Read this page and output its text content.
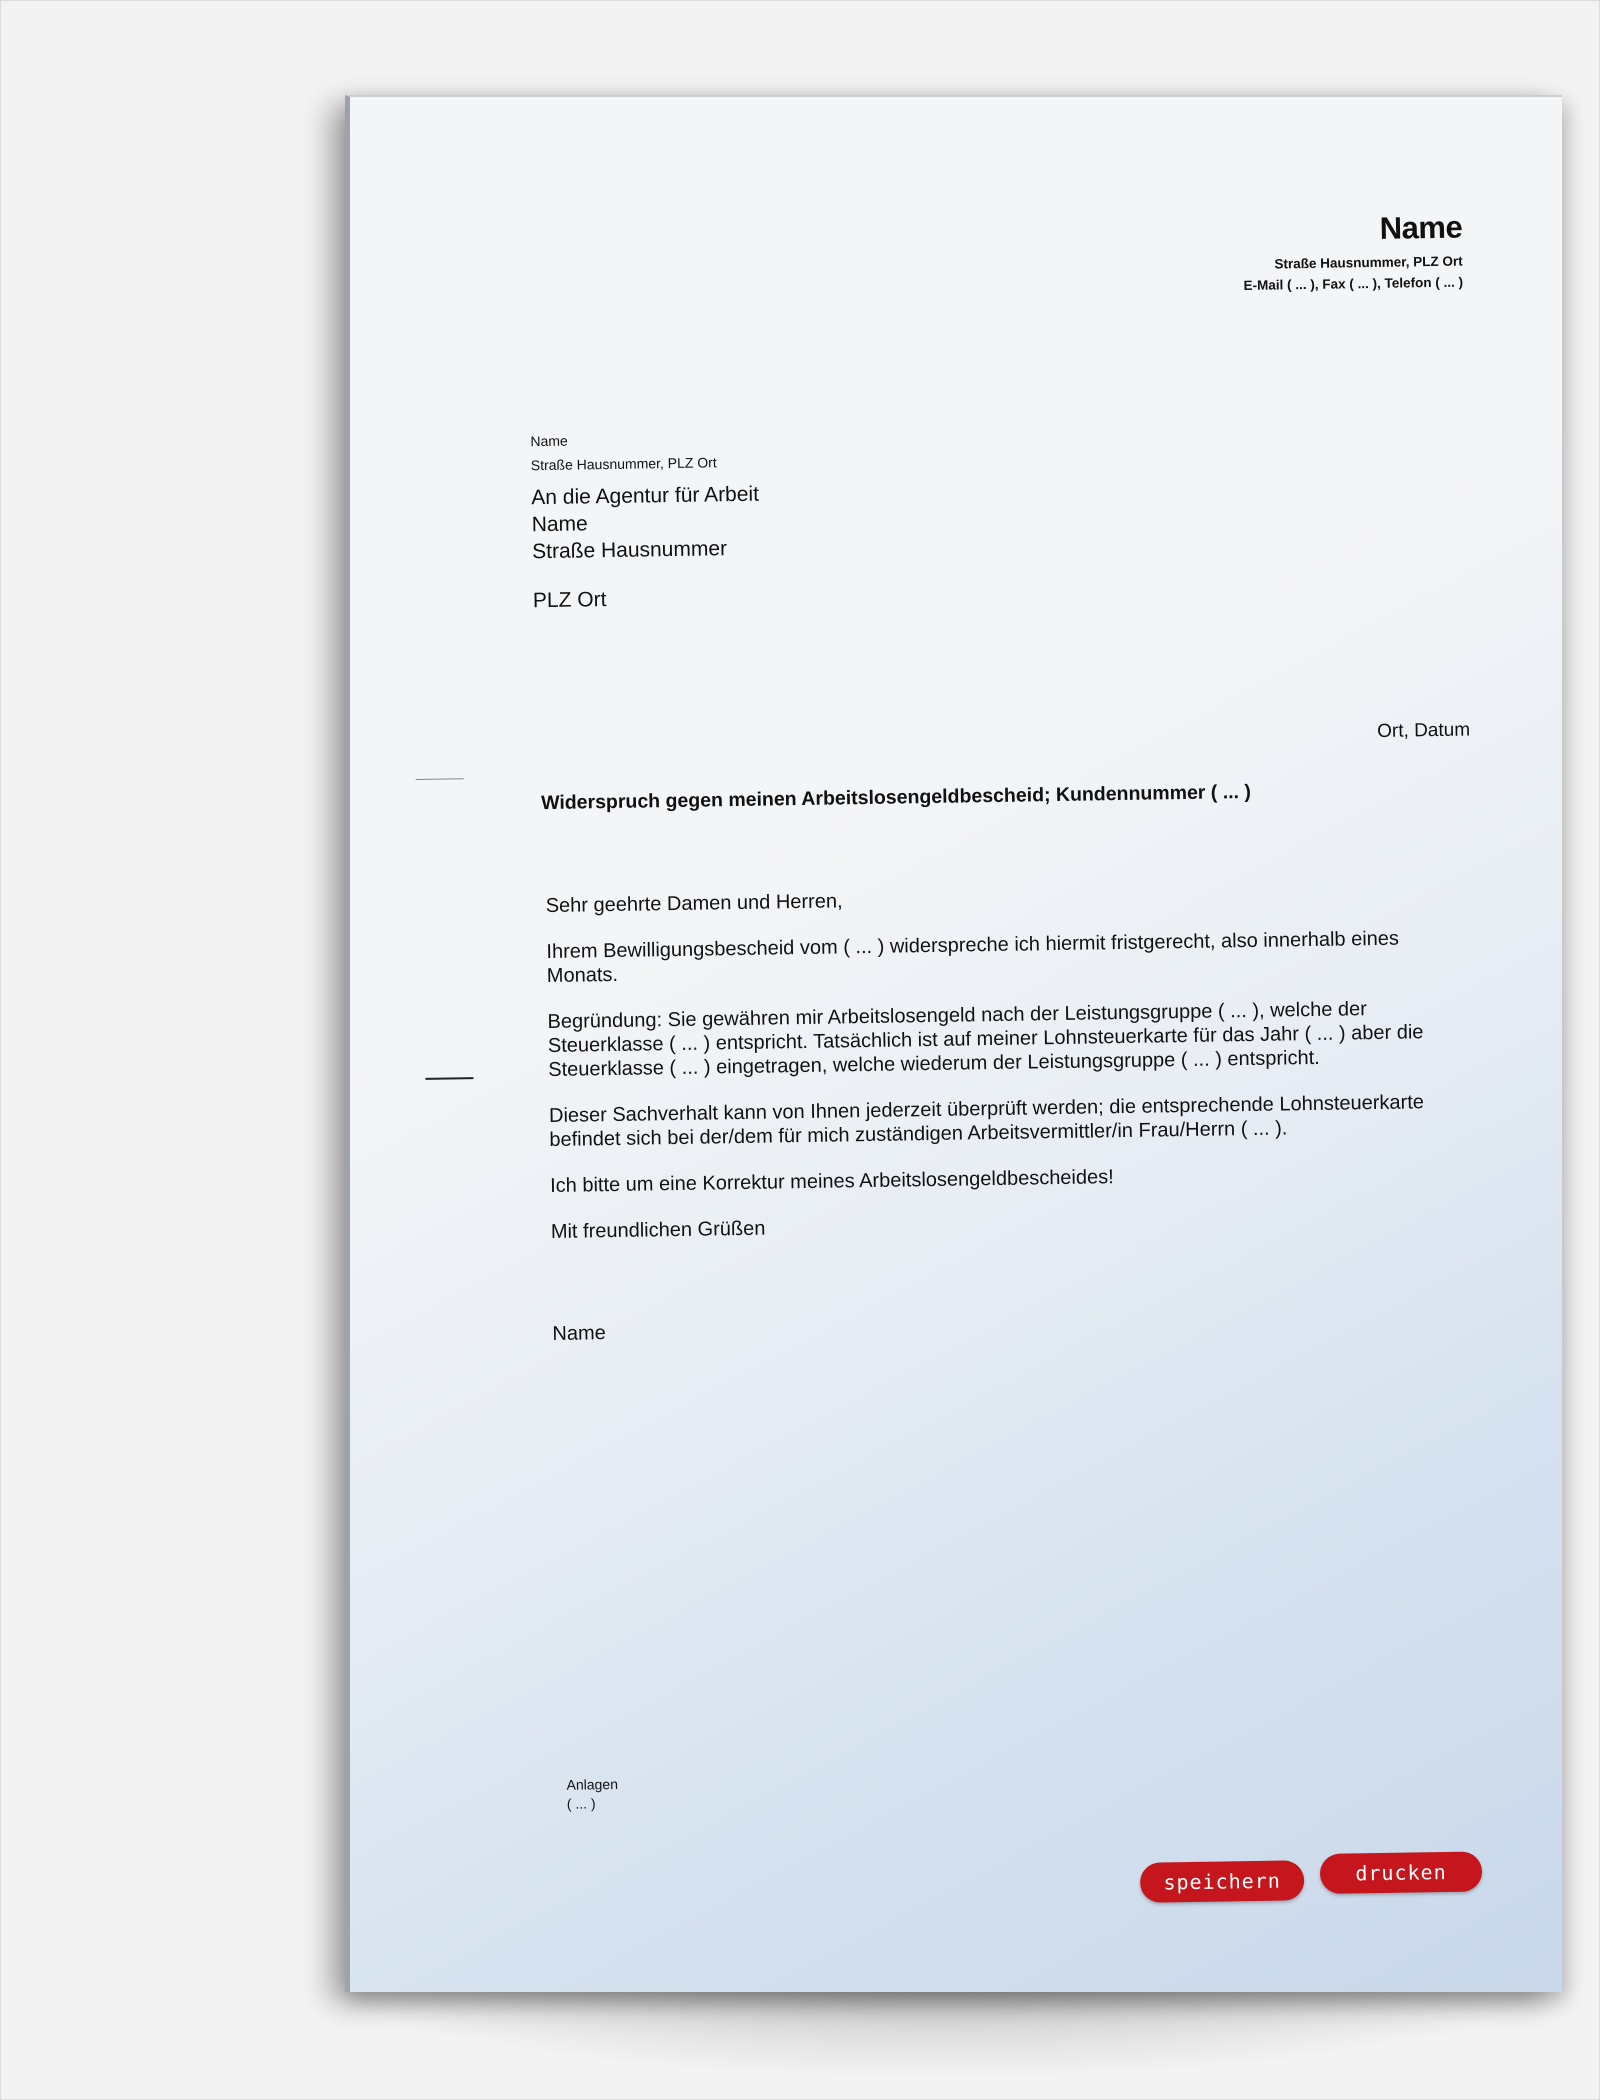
Name
Straße Hausnummer, PLZ Ort
E-Mail ( ... ), Fax ( ... ), Telefon ( ... )
Name
Straße Hausnummer, PLZ Ort
An die Agentur für Arbeit
Name
Straße Hausnummer
PLZ Ort
Ort, Datum
Widerspruch gegen meinen Arbeitslosengeldbescheid; Kundennummer ( ... )

Sehr geehrte Damen und Herren,

Ihrem Bewilligungsbescheid vom ( ... ) widerspreche ich hiermit fristgerecht, also innerhalb eines Monats.

Begründung: Sie gewähren mir Arbeitslosengeld nach der Leistungsgruppe ( ... ), welche der Steuerklasse ( ... ) entspricht. Tatsächlich ist auf meiner Lohnsteuerkarte für das Jahr ( ... ) aber die Steuerklasse ( ... ) eingetragen, welche wiederum der Leistungsgruppe ( ... ) entspricht.

Dieser Sachverhalt kann von Ihnen jederzeit überprüft werden; die entsprechende Lohnsteuerkarte befindet sich bei der/dem für mich zuständigen Arbeitsvermittler/in Frau/Herrn ( ... ).

Ich bitte um eine Korrektur meines Arbeitslosengeldbescheides!

Mit freundlichen Grüßen

Name

Anlagen
( ... )
speichern	drucken
